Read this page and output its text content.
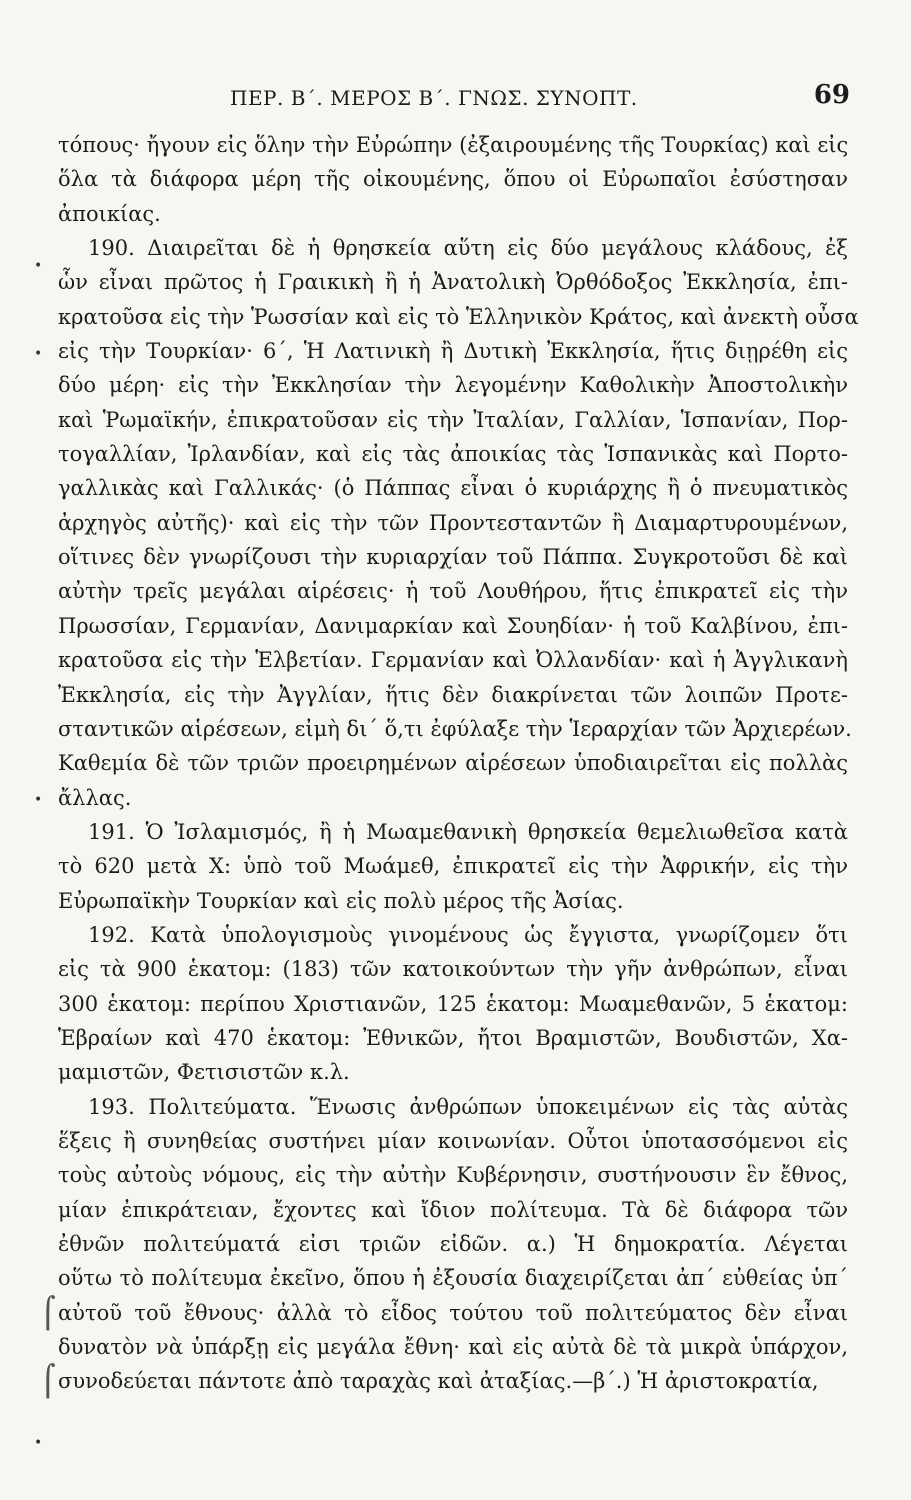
ΠΕΡ. Β΄. ΜΕΡΟΣ Β΄. ΓΝΩΣ. ΣΥΝΟΠΤ.	69
•
•
•
⌠
⌠
•
τόπους· ἤγουν εἰς ὅλην τὴν Εὐρώπην (ἐξαιρουμένης τῆς Τουρκίας) καὶ εἰς
ὅλα τὰ διάφορα μέρη τῆς οἰκουμένης, ὅπου οἱ Εὐρωπαῖοι ἐσύστησαν
ἀποικίας.
190. Διαιρεῖται δὲ ἡ θρησκεία αὕτη εἰς δύο μεγάλους κλάδους, ἐξ
ὧν εἶναι πρῶτος ἡ Γραικικὴ ἢ ἡ Ἀνατολικὴ Ὀρθόδοξος Ἐκκλησία, ἐπι-
κρατοῦσα εἰς τὴν Ῥωσσίαν καὶ εἰς τὸ Ἑλληνικὸν Κράτος, καὶ ἀνεκτὴ οὖσα
εἰς τὴν Τουρκίαν· 6΄, Ἡ Λατινικὴ ἢ Δυτικὴ Ἐκκλησία, ἥτις διῃρέθη εἰς
δύο μέρη· εἰς τὴν Ἐκκλησίαν τὴν λεγομένην Καθολικὴν Ἀποστολικὴν
καὶ Ῥωμαϊκήν, ἐπικρατοῦσαν εἰς τὴν Ἰταλίαν, Γαλλίαν, Ἱσπανίαν, Πορ-
τογαλλίαν, Ἰρλανδίαν, καὶ εἰς τὰς ἀποικίας τὰς Ἱσπανικὰς καὶ Πορτο-
γαλλικὰς καὶ Γαλλικάς· (ὁ Πάππας εἶναι ὁ κυριάρχης ἢ ὁ πνευματικὸς
ἀρχηγὸς αὐτῆς)· καὶ εἰς τὴν τῶν Προντεσταντῶν ἢ Διαμαρτυρουμένων,
οἵτινες δὲν γνωρίζουσι τὴν κυριαρχίαν τοῦ Πάππα. Συγκροτοῦσι δὲ καὶ
αὐτὴν τρεῖς μεγάλαι αἱρέσεις· ἡ τοῦ Λουθήρου, ἥτις ἐπικρατεῖ εἰς τὴν
Πρωσσίαν, Γερμανίαν, Δανιμαρκίαν καὶ Σουηδίαν· ἡ τοῦ Καλβίνου, ἐπι-
κρατοῦσα εἰς τὴν Ἑλβετίαν. Γερμανίαν καὶ Ὀλλανδίαν· καὶ ἡ Ἀγγλικανὴ
Ἐκκλησία, εἰς τὴν Ἀγγλίαν, ἥτις δὲν διακρίνεται τῶν λοιπῶν Προτε-
σταντικῶν αἱρέσεων, εἰμὴ δι΄ ὅ,τι ἐφύλαξε τὴν Ἱεραρχίαν τῶν Ἀρχιερέων.
Καθεμία δὲ τῶν τριῶν προειρημένων αἱρέσεων ὑποδιαιρεῖται εἰς πολλὰς
ἄλλας.
191. Ὁ Ἰσλαμισμός, ἢ ἡ Μωαμεθανικὴ θρησκεία θεμελιωθεῖσα κατὰ
τὸ 620 μετὰ Χ: ὑπὸ τοῦ Μωάμεθ, ἐπικρατεῖ εἰς τὴν Ἀφρικήν, εἰς τὴν
Εὐρωπαϊκὴν Τουρκίαν καὶ εἰς πολὺ μέρος τῆς Ἀσίας.
192. Κατὰ ὑπολογισμοὺς γινομένους ὡς ἔγγιστα, γνωρίζομεν ὅτι
εἰς τὰ 900 ἑκατομ: (183) τῶν κατοικούντων τὴν γῆν ἀνθρώπων, εἶναι
300 ἑκατομ: περίπου Χριστιανῶν, 125 ἑκατομ: Μωαμεθανῶν, 5 ἑκατομ:
Ἑβραίων καὶ 470 ἑκατομ: Ἐθνικῶν, ἤτοι Βραμιστῶν, Βουδιστῶν, Χα-
μαμιστῶν, Φετισιστῶν κ.λ.
193. Πολιτεύματα. Ἕνωσις ἀνθρώπων ὑποκειμένων εἰς τὰς αὐτὰς
ἕξεις ἢ συνηθείας συστήνει μίαν κοινωνίαν. Οὗτοι ὑποτασσόμενοι εἰς
τοὺς αὐτοὺς νόμους, εἰς τὴν αὐτὴν Κυβέρνησιν, συστήνουσιν ἓν ἔθνος,
μίαν ἐπικράτειαν, ἔχοντες καὶ ἴδιον πολίτευμα. Τὰ δὲ διάφορα τῶν
ἐθνῶν πολιτεύματά εἰσι τριῶν εἰδῶν. α.) Ἡ δημοκρατία. Λέγεται
οὕτω τὸ πολίτευμα ἐκεῖνο, ὅπου ἡ ἐξουσία διαχειρίζεται ἀπ΄ εὐθείας ὑπ΄
αὐτοῦ τοῦ ἔθνους· ἀλλὰ τὸ εἶδος τούτου τοῦ πολιτεύματος δὲν εἶναι
δυνατὸν νὰ ὑπάρξῃ εἰς μεγάλα ἔθνη· καὶ εἰς αὐτὰ δὲ τὰ μικρὰ ὑπάρχον,
συνοδεύεται πάντοτε ἀπὸ ταραχὰς καὶ ἀταξίας.—β΄.) Ἡ ἀριστοκρατία,
